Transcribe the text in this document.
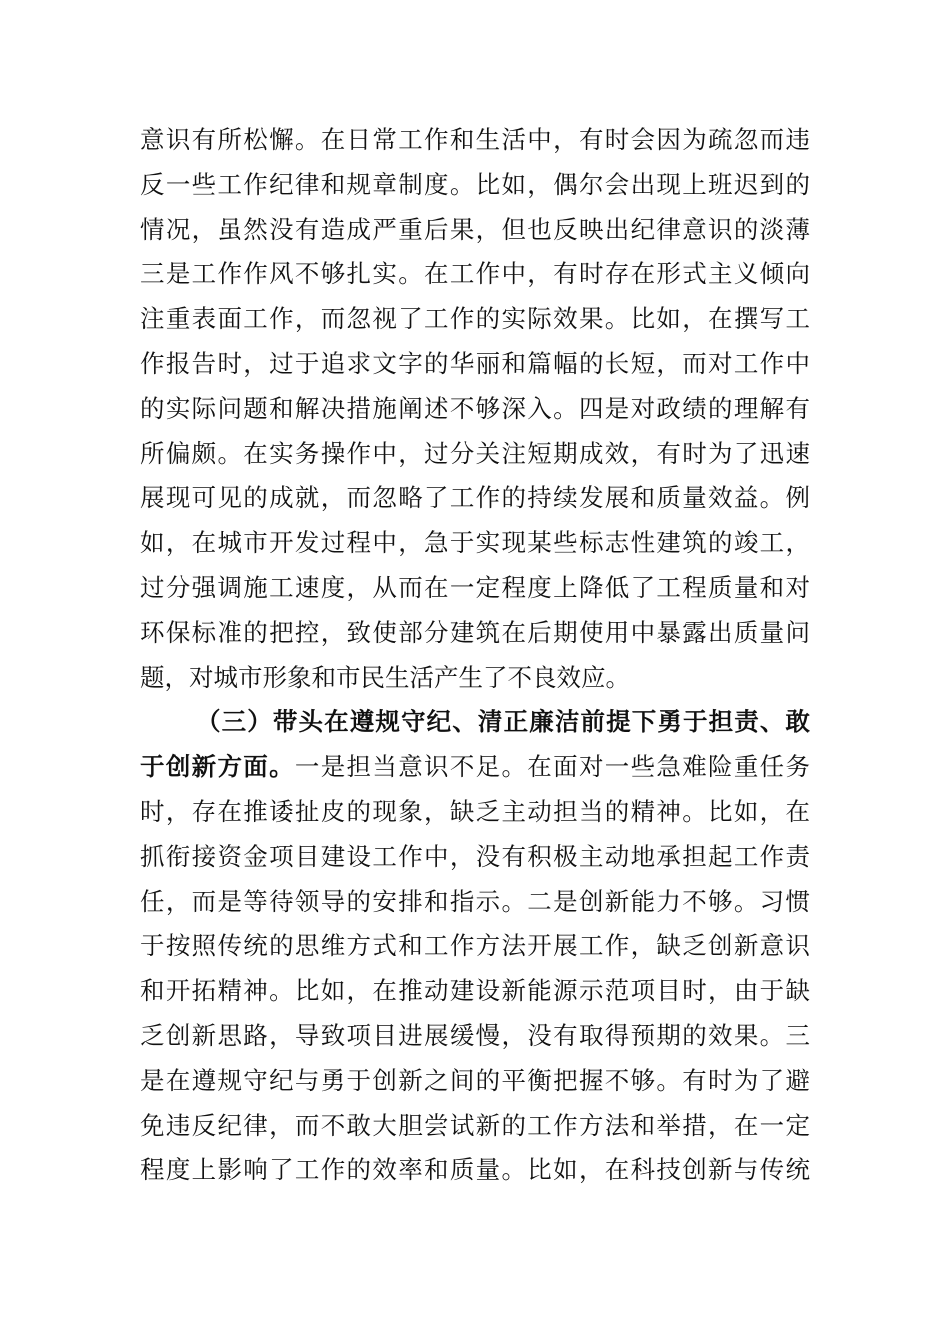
意识有所松懈。在日常工作和生活中，有时会因为疏忽而违
反一些工作纪律和规章制度。比如，偶尔会出现上班迟到的
情况，虽然没有造成严重后果，但也反映出纪律意识的淡薄
三是工作作风不够扎实。在工作中，有时存在形式主义倾向
注重表面工作，而忽视了工作的实际效果。比如，在撰写工
作报告时，过于追求文字的华丽和篇幅的长短，而对工作中
的实际问题和解决措施阐述不够深入。四是对政绩的理解有
所偏颇。在实务操作中，过分关注短期成效，有时为了迅速
展现可见的成就，而忽略了工作的持续发展和质量效益。例
如，在城市开发过程中，急于实现某些标志性建筑的竣工，
过分强调施工速度，从而在一定程度上降低了工程质量和对
环保标准的把控，致使部分建筑在后期使用中暴露出质量问
题，对城市形象和市民生活产生了不良效应。
（三）带头在遵规守纪、清正廉洁前提下勇于担责、敢
于创新方面。一是担当意识不足。在面对一些急难险重任务
时，存在推诿扯皮的现象，缺乏主动担当的精神。比如，在
抓衔接资金项目建设工作中，没有积极主动地承担起工作责
任，而是等待领导的安排和指示。二是创新能力不够。习惯
于按照传统的思维方式和工作方法开展工作，缺乏创新意识
和开拓精神。比如，在推动建设新能源示范项目时，由于缺
乏创新思路，导致项目进展缓慢，没有取得预期的效果。三
是在遵规守纪与勇于创新之间的平衡把握不够。有时为了避
免违反纪律，而不敢大胆尝试新的工作方法和举措，在一定
程度上影响了工作的效率和质量。比如，在科技创新与传统
